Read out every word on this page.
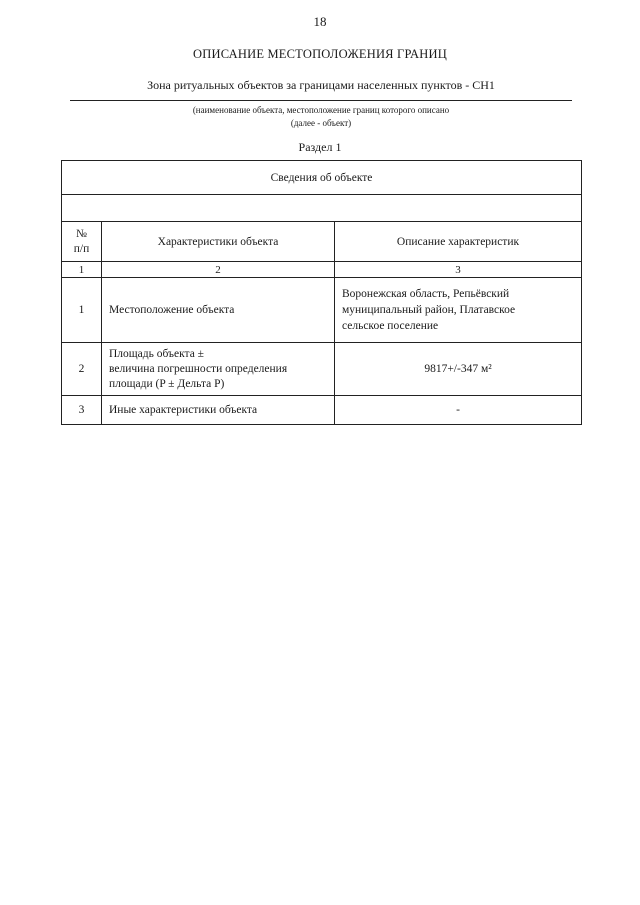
18
ОПИСАНИЕ МЕСТОПОЛОЖЕНИЯ ГРАНИЦ
Зона ритуальных объектов за границами населенных пунктов - СН1
(наименование объекта, местоположение границ которого описано
(далее - объект)
Раздел 1
Сведения об объекте		

№
п/п	Характеристики объекта	Описание характеристик
1	2	3
1	Местоположение объекта	Воронежская область, Репьёвский
муниципальный район, Платавское
сельское поселение

2	Площадь объекта ±
величина погрешности определения
площади (P ± Дельта P)	9817+/-347 м²
3	Иные характеристики объекта	-
